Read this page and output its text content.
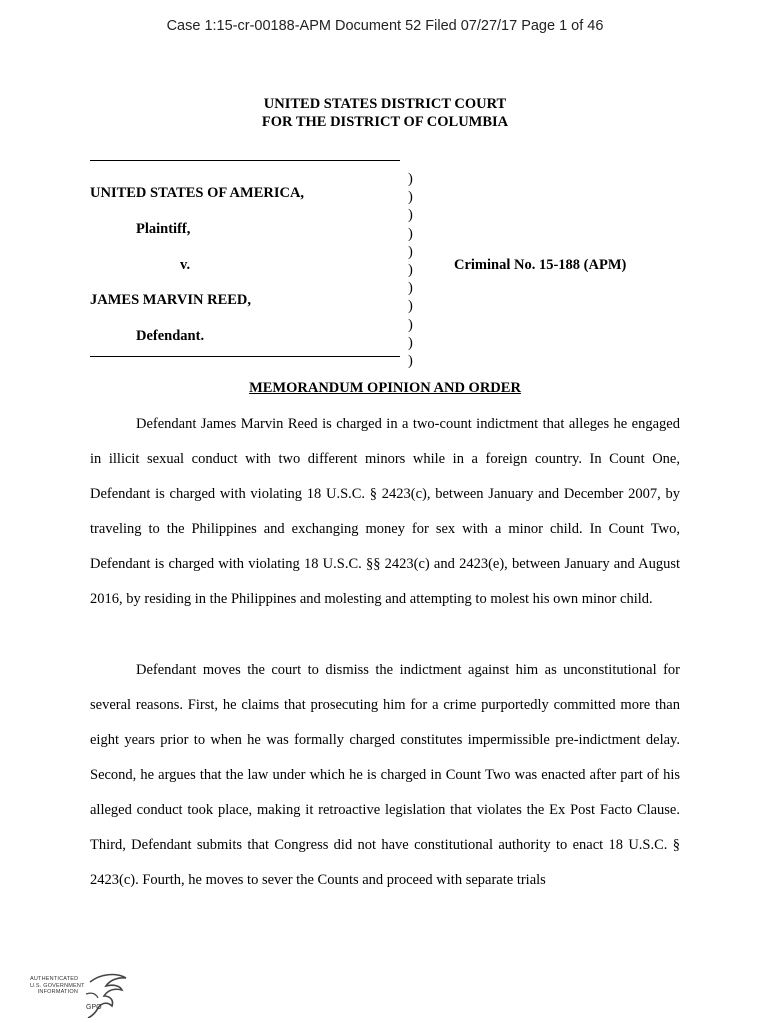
Case 1:15-cr-00188-APM Document 52 Filed 07/27/17 Page 1 of 46
UNITED STATES DISTRICT COURT
FOR THE DISTRICT OF COLUMBIA
)
)
)
)
)
)
)
)
)
)
)
UNITED STATES OF AMERICA,
Plaintiff,
v.
JAMES MARVIN REED,
Defendant.
Criminal No. 15-188 (APM)
MEMORANDUM OPINION AND ORDER

Defendant James Marvin Reed is charged in a two-count indictment that alleges he engaged in illicit sexual conduct with two different minors while in a foreign country. In Count One, Defendant is charged with violating 18 U.S.C. § 2423(c), between January and December 2007, by traveling to the Philippines and exchanging money for sex with a minor child. In Count Two, Defendant is charged with violating 18 U.S.C. §§ 2423(c) and 2423(e), between January and August 2016, by residing in the Philippines and molesting and attempting to molest his own minor child.

Defendant moves the court to dismiss the indictment against him as unconstitutional for several reasons. First, he claims that prosecuting him for a crime purportedly committed more than eight years prior to when he was formally charged constitutes impermissible pre-indictment delay. Second, he argues that the law under which he is charged in Count Two was enacted after part of his alleged conduct took place, making it retroactive legislation that violates the Ex Post Facto Clause. Third, Defendant submits that Congress did not have constitutional authority to enact 18 U.S.C. § 2423(c). Fourth, he moves to sever the Counts and proceed with separate trials

AUTHENTICATED
U.S. GOVERNMENT
INFORMATION
GPO
